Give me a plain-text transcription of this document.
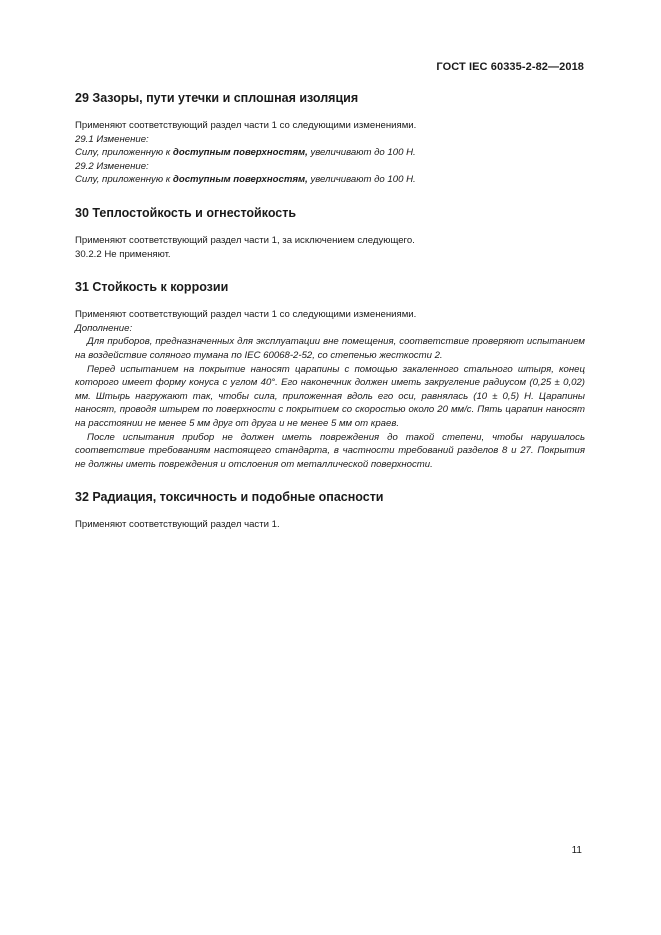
ГОСТ IEC 60335-2-82—2018
29 Зазоры, пути утечки и сплошная изоляция

Применяют соответствующий раздел части 1 со следующими изменениями.

29.1 Изменение:

Силу, приложенную к доступным поверхностям, увеличивают до 100 Н.

29.2 Изменение:

Силу, приложенную к доступным поверхностям, увеличивают до 100 Н.

30 Теплостойкость и огнестойкость

Применяют соответствующий раздел части 1, за исключением следующего.

30.2.2 Не применяют.

31 Стойкость к коррозии

Применяют соответствующий раздел части 1 со следующими изменениями.

Дополнение:

Для приборов, предназначенных для эксплуатации вне помещения, соответствие проверяют испытанием на воздействие соляного тумана по IEC 60068-2-52, со степенью жесткости 2.

Перед испытанием на покрытие наносят царапины с помощью закаленного стального штыря, конец которого имеет форму конуса с углом 40°. Его наконечник должен иметь закругление радиусом (0,25 ± 0,02) мм. Штырь нагружают так, чтобы сила, приложенная вдоль его оси, равнялась (10 ± 0,5) Н. Царапины наносят, проводя штырем по поверхности с покрытием со скоростью около 20 мм/с. Пять царапин наносят на расстоянии не менее 5 мм друг от друга и не менее 5 мм от краев.

После испытания прибор не должен иметь повреждения до такой степени, чтобы нарушалось соответствие требованиям настоящего стандарта, в частности требований разделов 8 и 27. Покрытия не должны иметь повреждения и отслоения от металлической поверхности.

32 Радиация, токсичность и подобные опасности

Применяют соответствующий раздел части 1.

11
